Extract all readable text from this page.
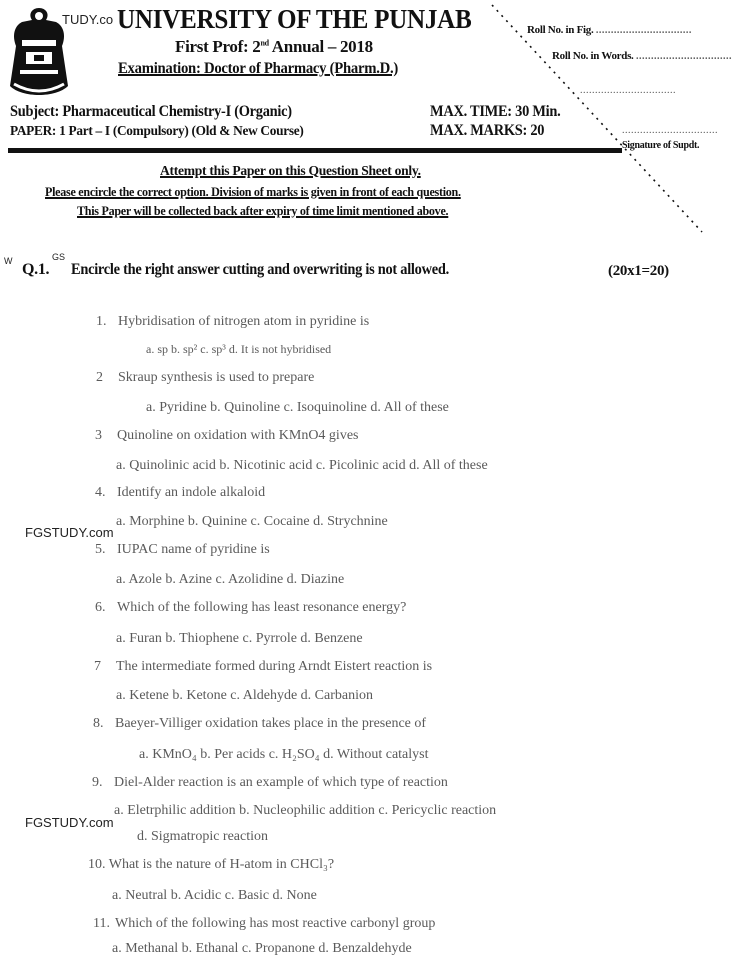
TUDY.co UNIVERSITY OF THE PUNJAB
First Prof: 2nd Annual – 2018
Examination: Doctor of Pharmacy (Pharm.D.)
Subject: Pharmaceutical Chemistry-I (Organic)
PAPER: 1 Part – I (Compulsory) (Old & New Course)
MAX. TIME: 30 Min.
MAX. MARKS: 20
Roll No. in Fig. ................................
Roll No. in Words. ................................
................................
................................
Signature of Supdt.
Attempt this Paper on this Question Sheet only.
Please encircle the correct option. Division of marks is given in front of each question.
This Paper will be collected back after expiry of time limit mentioned above.
W Q.1.
GS
Encircle the right answer cutting and overwriting is not allowed.	(20x1=20)
1. Hybridisation of nitrogen atom in pyridine is
a. sp b. sp² c. sp³ d. It is not hybridised
2 Skraup synthesis is used to prepare
a. Pyridine b. Quinoline c. Isoquinoline d. All of these
3 Quinoline on oxidation with KMnO4 gives
a. Quinolinic acid b. Nicotinic acid c. Picolinic acid d. All of these
4. Identify an indole alkaloid
a. Morphine b. Quinine c. Cocaine d. Strychnine
FGSTUDY.com
5. IUPAC name of pyridine is
a. Azole b. Azine c. Azolidine d. Diazine
6. Which of the following has least resonance energy?
a. Furan b. Thiophene c. Pyrrole d. Benzene
7 The intermediate formed during Arndt Eistert reaction is
a. Ketene b. Ketone c. Aldehyde d. Carbanion
8. Baeyer-Villiger oxidation takes place in the presence of
a. KMnO₄ b. Per acids c. H₂SO₄ d. Without catalyst
9. Diel-Alder reaction is an example of which type of reaction
a. Eletrphilic addition b. Nucleophilic addition c. Pericyclic reaction
d. Sigmatropic reaction
FGSTUDY.com
10. What is the nature of H-atom in CHCl₃?
a. Neutral b. Acidic c. Basic d. None
11. Which of the following has most reactive carbonyl group
a. Methanal b. Ethanal c. Propanone d. Benzaldehyde
